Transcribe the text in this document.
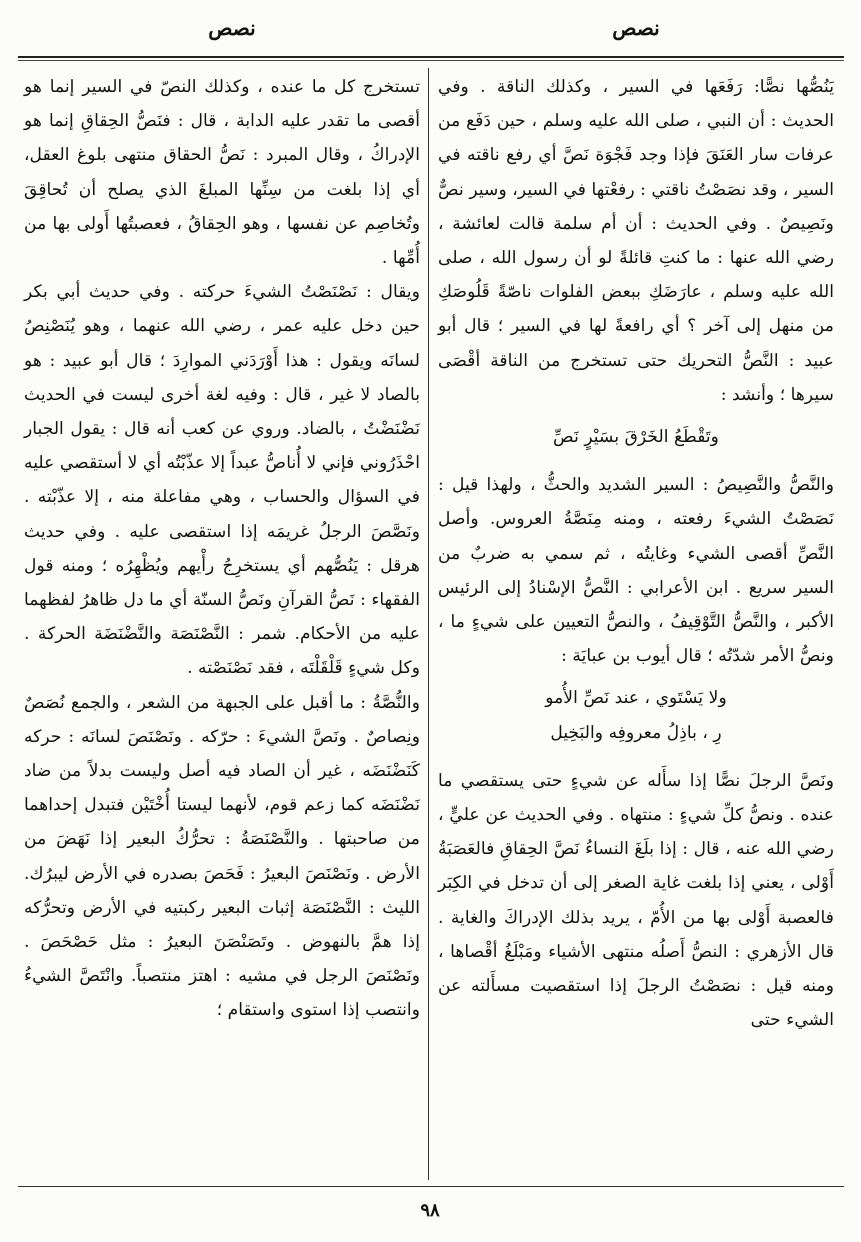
نصص
نصص

يَنُصُّها نصًّا: رَفَعَها في السير ، وكذلك الناقة . وفي الحديث : أن النبي ، صلى الله عليه وسلم ، حين دَفَع من عرفات سار العَنَقَ فإذا وجد فَجْوَة نَصَّ أي رفع ناقته في السير ، وقد نصَصْتُ ناقتي : رفعْتها في السير، وسير نصٌّ ونَصِيصٌ . وفي الحديث : أن أم سلمة قالت لعائشة ، رضي الله عنها : ما كنتِ قائلةً لو أن رسول الله ، صلى الله عليه وسلم ، عارَضَكِ ببعض الفلوات ناصّةً قَلُوصَكِ من منهل إلى آخر ؟ أي رافعةً لها في السير ؛ قال أبو عبيد : النَّصُّ التحريك حتى تستخرج من الناقة أقْصَى سيرها ؛ وأنشد :

وتَقْطَعُ الخَرْقَ بسَيْرٍ نَصِّ

والنَّصُّ والنَّصِيصُ : السير الشديد والحثُّ ، ولهذا قيل : نَصَصْتُ الشيءَ رفعته ، ومنه مِنَصَّةُ العروس. وأصل النَّصِّ أقصى الشيء وغايتُه ، ثم سمي به ضربٌ من السير سريع . ابن الأعرابي : النَّصُّ الإسْنادُ إلى الرئيس الأكبر ، والنَّصُّ التَّوْقِيفُ ، والنصُّ التعيين على شيءٍ ما ، ونصُّ الأمر شدّتُه ؛ قال أيوب بن عبايَة :

ولا يَسْتَوي ، عند نَصِّ الأُمو

رِ ، باذِلُ معروفِه والبَخِيل

ونَصَّ الرجلَ نصًّا إذا سأَله عن شيءٍ حتى يستقصي ما عنده . ونصُّ كلِّ شيءٍ : منتهاه . وفي الحديث عن عليٍّ ، رضي الله عنه ، قال : إذا بلَغَ النساءُ نَصَّ الحِقاقِ فالعَصَبَةُ أَوْلى ، يعني إذا بلغت غاية الصغر إلى أن تدخل في الكِبَر فالعصبة أَوْلى بها من الأُمّ ، يريد بذلك الإدراكَ والغاية . قال الأزهري : النصُّ أَصلُه منتهى الأشياء ومَبْلَغُ أقْصاها ، ومنه قيل : نصَصْتُ الرجلَ إذا استقصيت مسأَلته عن الشيء حتى

تستخرج كل ما عنده ، وكذلك النصّ في السير إنما هو أقصى ما تقدر عليه الدابة ، قال : فنَصُّ الحِقاقِ إنما هو الإدراكُ ، وقال المبرد : نَصُّ الحقاق منتهى بلوغ العقل، أي إذا بلغت من سِنِّها المبلغَ الذي يصلح أن تُحاقِقَ وتُخاصِم عن نفسها ، وهو الحِقاقُ ، فعصبتُها أَولى بها من أُمِّها .

ويقال : نَصْنَصْتُ الشيءَ حركته . وفي حديث أبي بكر حين دخل عليه عمر ، رضي الله عنهما ، وهو يُنَصْنِصُ لسانَه ويقول : هذا أَوْرَدَني الموارِدَ ؛ قال أبو عبيد : هو بالصاد لا غير ، قال : وفيه لغة أخرى ليست في الحديث نَضْنَضْتُ ، بالضاد. وروي عن كعب أنه قال : يقول الجبار احْذَرُوني فإني لا أُناصُّ عبداً إلا عذّبْتُه أي لا أستقصي عليه في السؤال والحساب ، وهي مفاعلة منه ، إلا عذّبْته . ونَصَّصَ الرجلُ غريمَه إذا استقصى عليه . وفي حديث هرقل : يَنُصُّهم أي يستخرِجُ رأْيهم ويُظْهِرُه ؛ ومنه قول الفقهاء : نَصُّ القرآنِ ونَصُّ السنّة أي ما دل ظاهرُ لفظهما عليه من الأحكام. شمر : النَّصْنَصَة والنَّضْنَضَة الحركة . وكل شيءٍ قَلْقَلْتَه ، فقد نَصْنَصْته .

والنُّصَّةُ : ما أقبل على الجبهة من الشعر ، والجمع نُصَصٌ ونِصاصٌ . ونَصَّ الشيءَ : حرّكه . ونَصْنَصَ لسانَه : حركه كَنَضْنَضَه ، غير أن الصاد فيه أصل وليست بدلاً من ضاد نَضْنَضَه كما زعم قوم، لأنهما ليستا أُخْتَيْن فتبدل إحداهما من صاحبتها . والنَّصْنَصَةُ : تحرُّكُ البعير إذا نَهَضَ من الأرض . ونَصْنَصَ البعيرُ : فَحَصَ بصدره في الأرض ليبرُك. الليث : النَّصْنَصَة إثبات البعير ركبتيه في الأرض وتحرُّكه إذا همَّ بالنهوض . وتَصَنْصَنَ البعيرُ : مثل حَصْحَصَ . ونَصْنَصَ الرجل في مشيه : اهتز منتصباً. وانْتَصَّ الشيءُ وانتصب إذا استوى واستقام ؛

٩٨
